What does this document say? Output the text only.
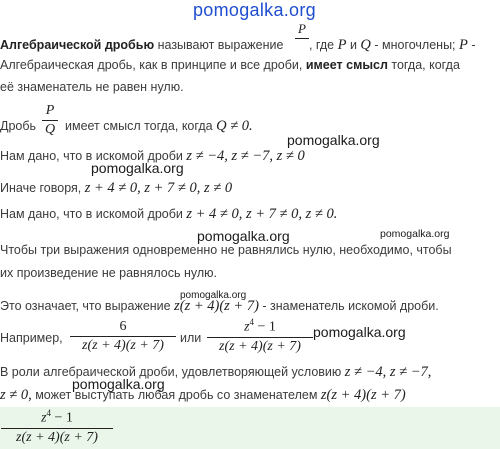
pomogalka.org
Алгебраической дробью называют выражение , где P и Q - многочлены; P -
P
Алгебраическая дробь, как в принципе и все дроби, имеет смысл тогда, когда
её знаменатель не равен нулю.
Дробь  имеет смысл тогда, когда Q ≠ 0.
P
Q
Нам дано, что в искомой дроби z ≠ −4, z ≠ −7, z ≠ 0
Иначе говоря, z + 4 ≠ 0, z + 7 ≠ 0, z ≠ 0
Нам дано, что в искомой дроби z + 4 ≠ 0, z + 7 ≠ 0, z ≠ 0.
Чтобы три выражения одновременно не равнялись нулю, необходимо, чтобы
их произведение не равнялось нулю.
Это означает, что выражение z(z + 4)(z + 7) - знаменатель искомой дроби.
Например,
6
z(z + 4)(z + 7)	или
$z^4 - 1$
z(z + 4)(z + 7)
В роли алгебраической дроби, удовлетворяющей условию z ≠ −4, z ≠ −7,
z ≠ 0, может выступать любая дробь со знаменателем z(z + 4)(z + 7)
$z^4 - 1$
z(z + 4)(z + 7)
pomogalka.org
pomogalka.org
pomogalka.org	pomogalka.org
pomogalka.org
pomogalka.org
pomogalka.org
